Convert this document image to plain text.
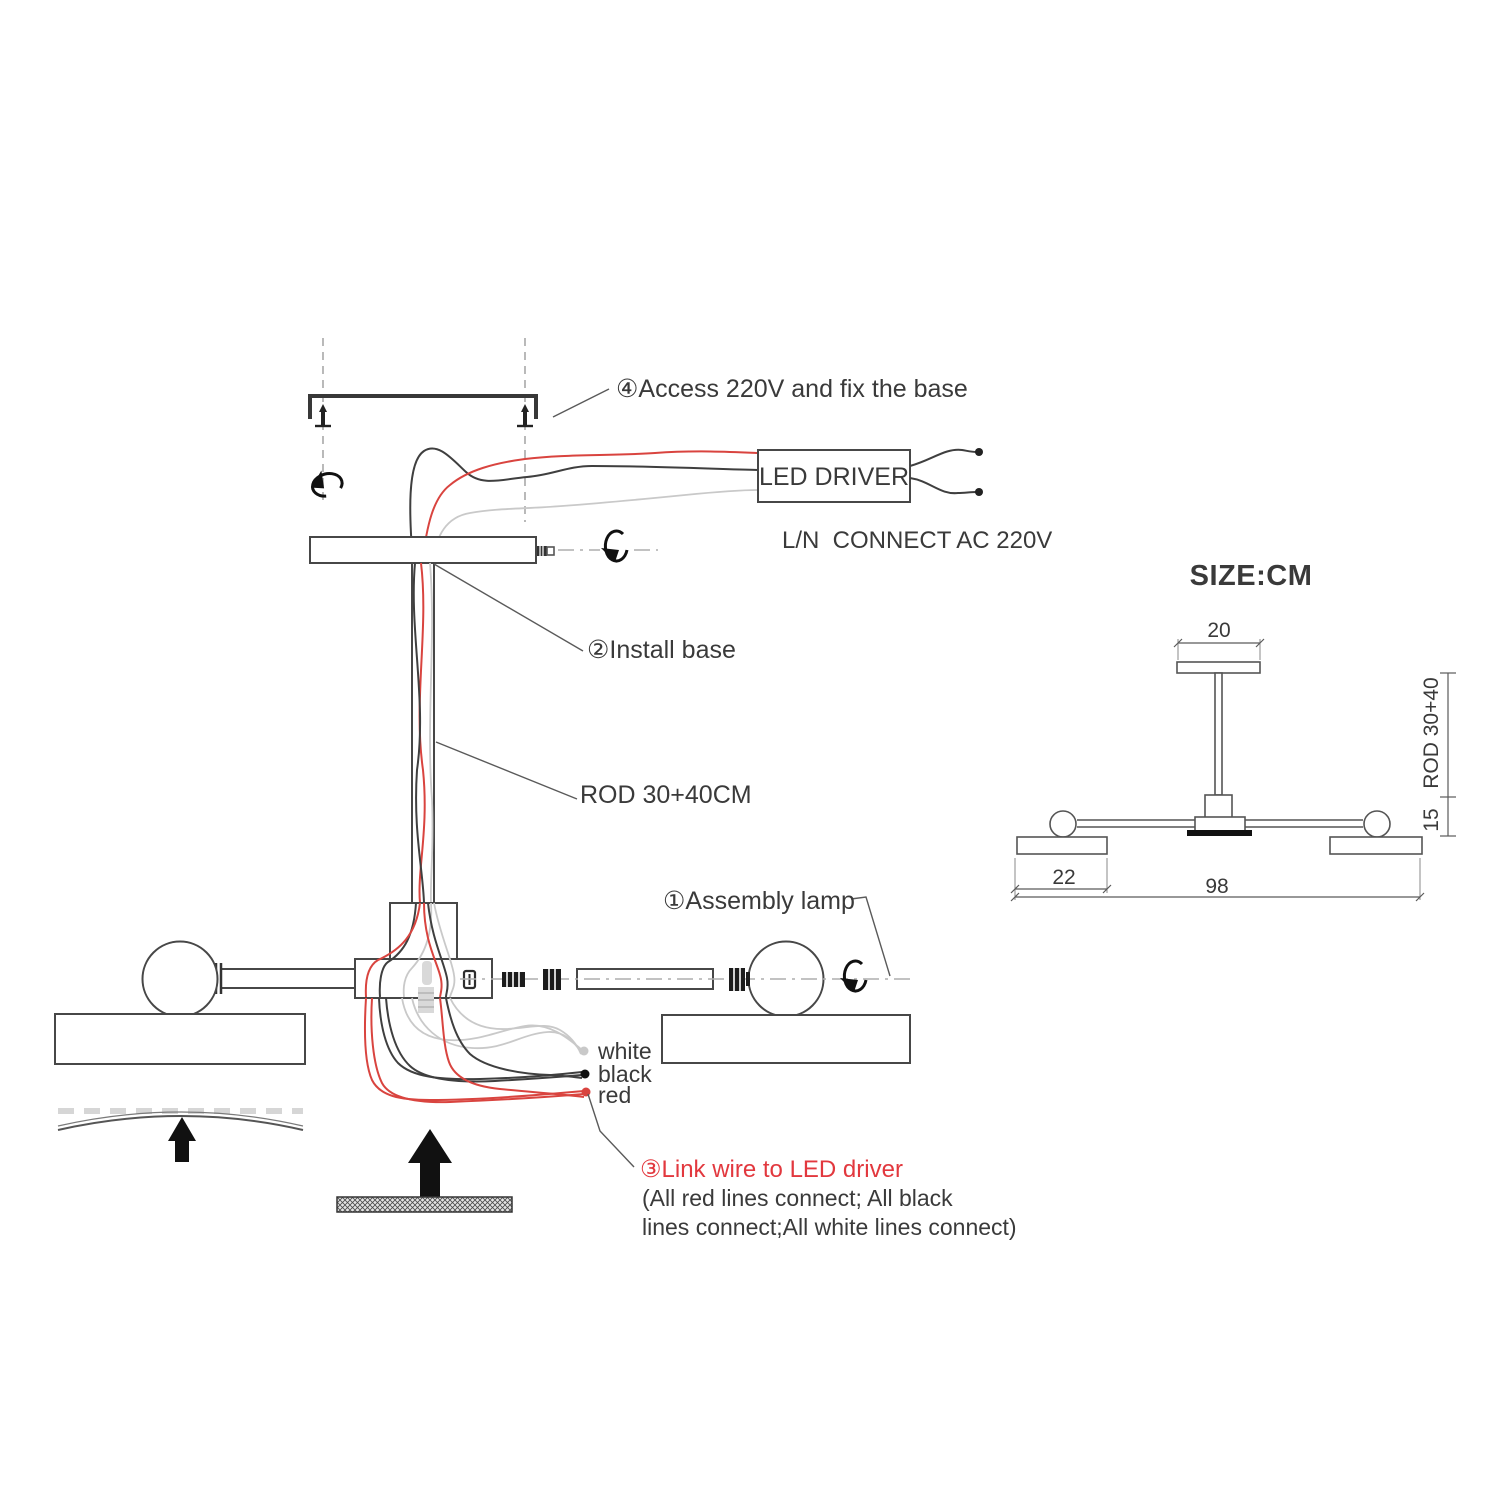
LED DRIVER
L/N  CONNECT AC 220V
④Access 220V and fix the base
②Install base
ROD 30+40CM
①Assembly lamp
white
black
red
③Link wire to LED driver
(All red lines connect; All black
lines connect;All white lines connect)
SIZE:CM
20
22	98
ROD 30+40
15
